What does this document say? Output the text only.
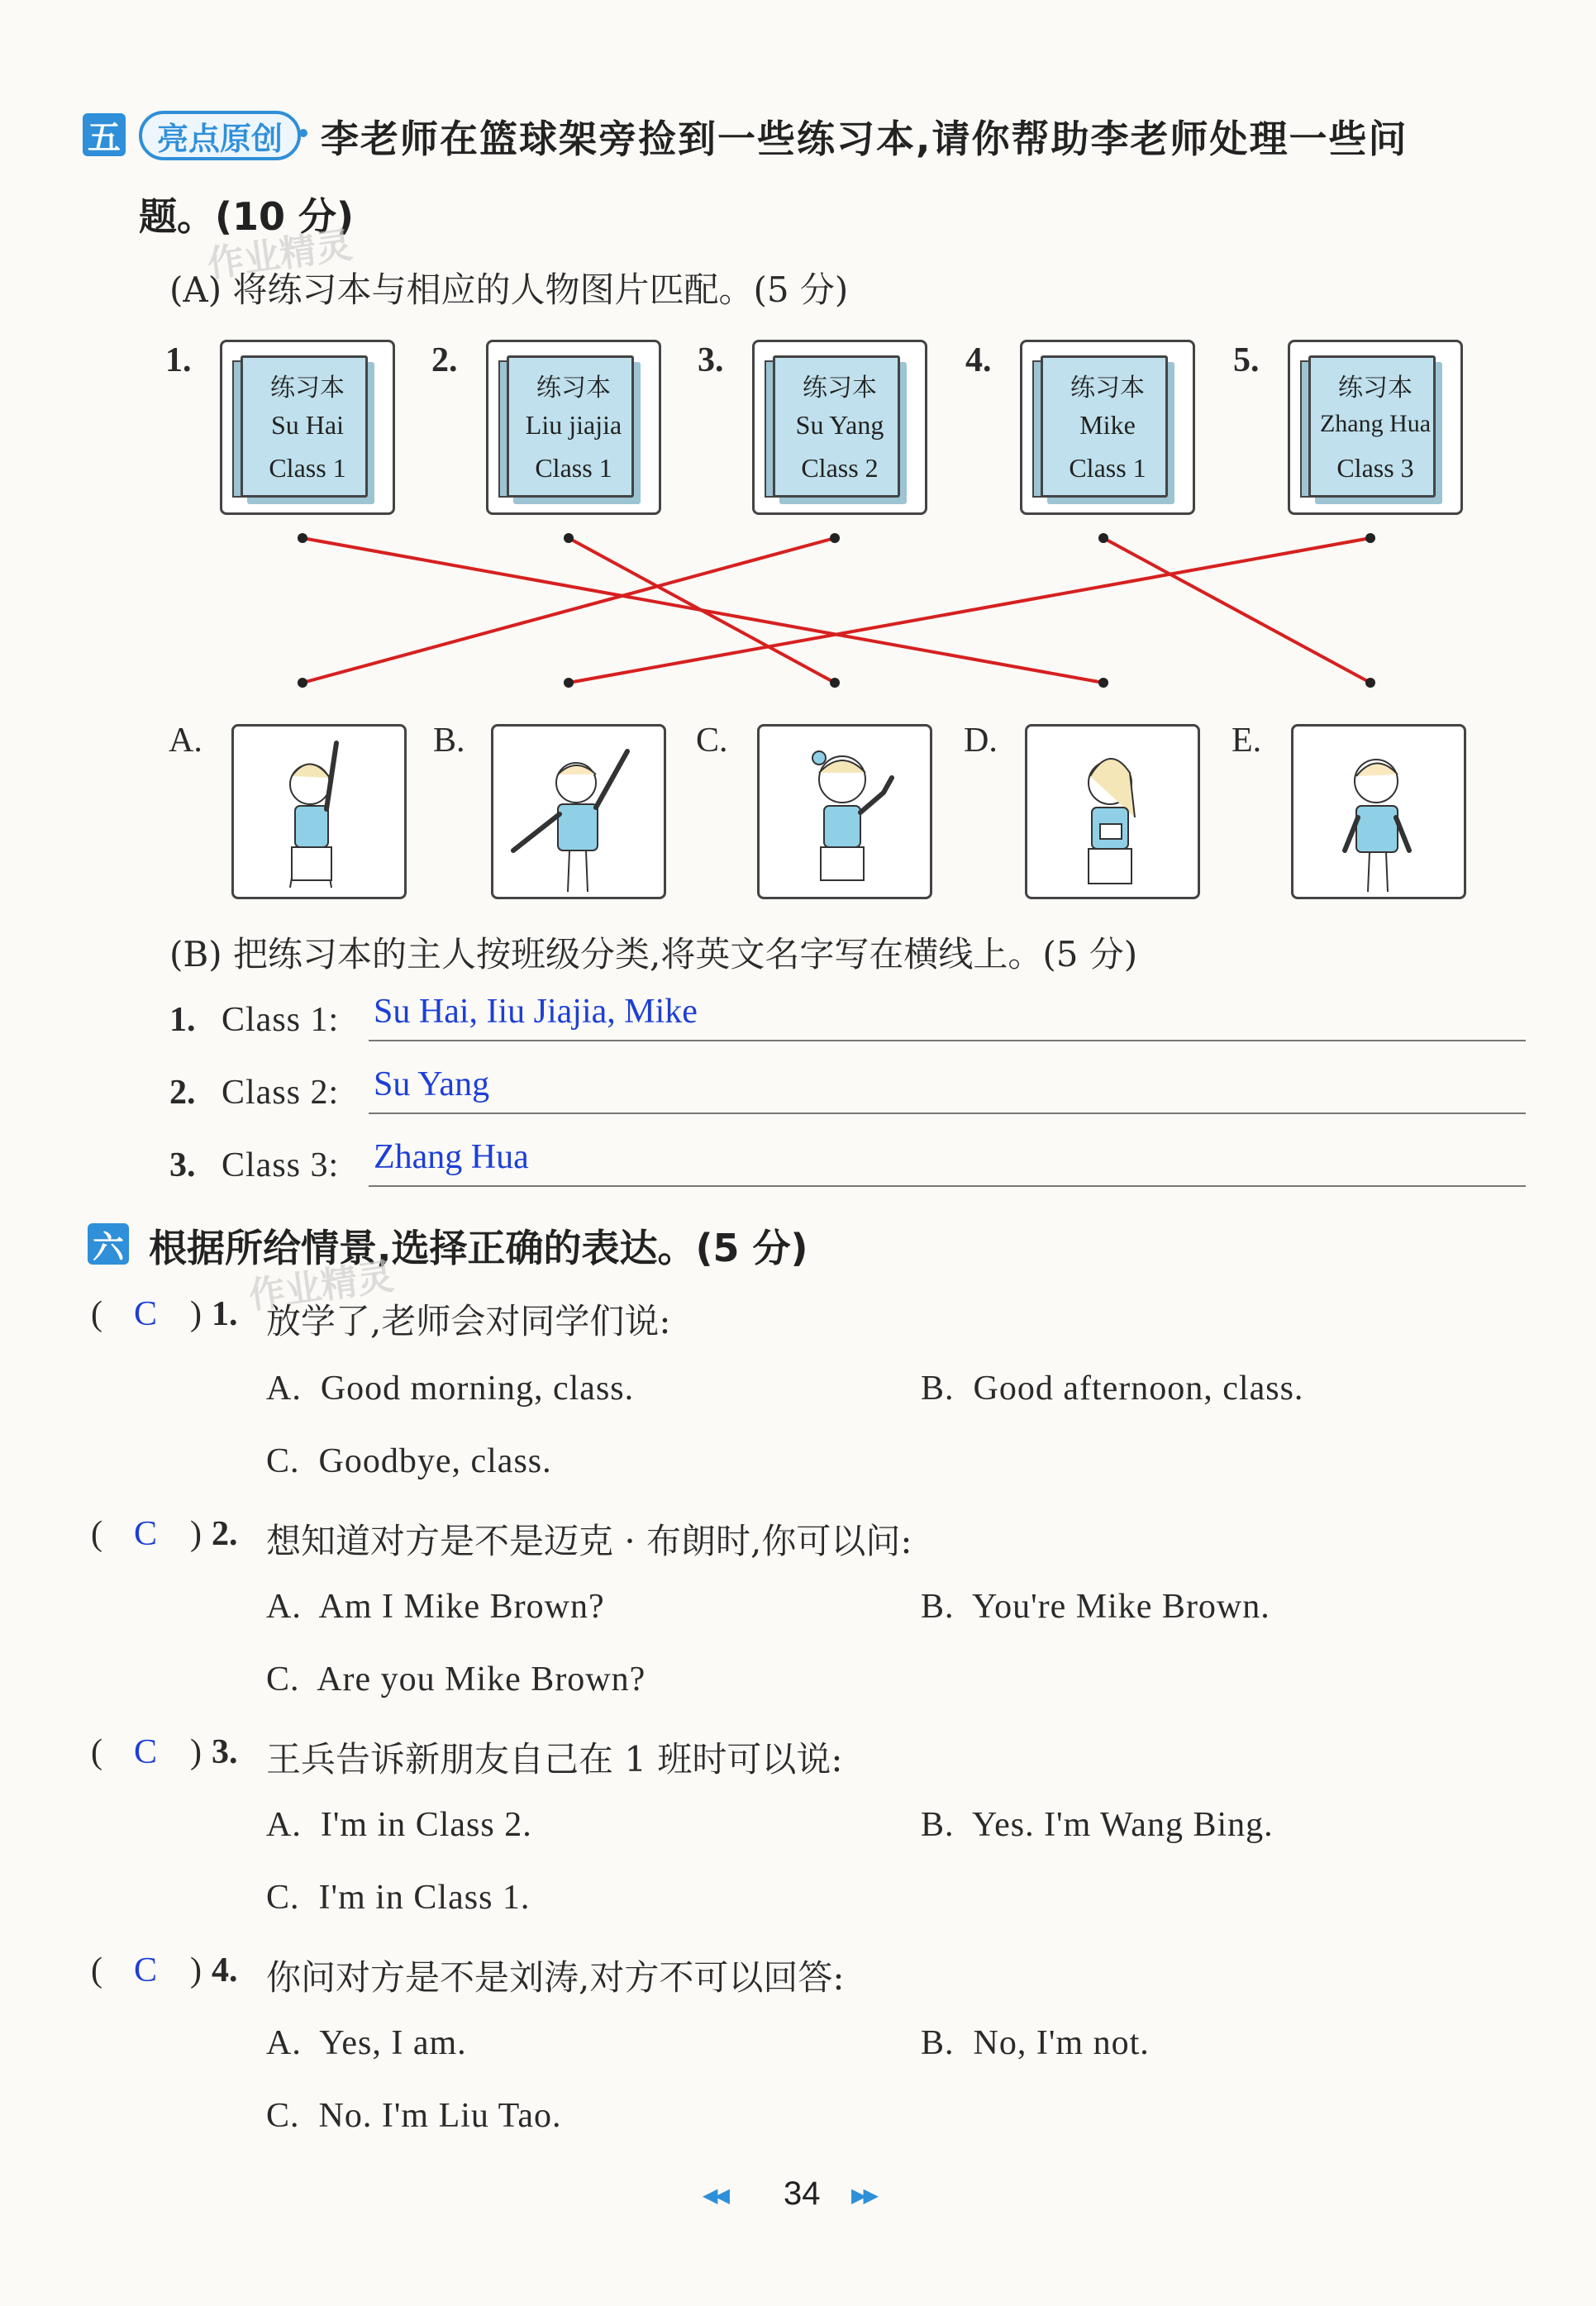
五	亮点原创	李老师在篮球架旁捡到一些练习本,请你帮助李老师处理一些问
题。(10 分)
作业精灵
(A) 将练习本与相应的人物图片匹配。(5 分)
1.
练习本
Su Hai
Class 1
2.
练习本
Liu jiajia
Class 1
3.
练习本
Su Yang
Class 2
4.
练习本
Mike
Class 1
5.
练习本
Zhang Hua
Class 3
A.	B.	C.	D.	E.
(B) 把练习本的主人按班级分类,将英文名字写在横线上。(5 分)
1. Class 1: Su Hai, Iiu Jiajia, Mike
2. Class 2: Su Yang
3. Class 3: Zhang Hua
六 根据所给情景,选择正确的表达。(5 分)
作业精灵
( C ) 1. 放学了,老师会对同学们说:
A.  Good morning, class.	B.  Good afternoon, class.
C.  Goodbye, class.
( C ) 2. 想知道对方是不是迈克 · 布朗时,你可以问:
A.  Am I Mike Brown?	B.  You're Mike Brown.
C.  Are you Mike Brown?
( C ) 3. 王兵告诉新朋友自己在 1 班时可以说:
A.  I'm in Class 2.	B.  Yes. I'm Wang Bing.
C.  I'm in Class 1.
( C ) 4. 你问对方是不是刘涛,对方不可以回答:
A.  Yes, I am.	B.  No, I'm not.
C.  No. I'm Liu Tao.
◀◀ 34 ▶▶
